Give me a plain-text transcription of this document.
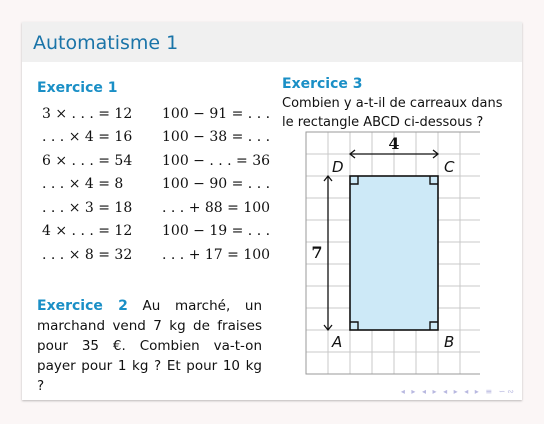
Automatisme 1
Exercice 1
3 × . . . = 12	100 − 91 = . . .
. . . × 4 = 16	100 − 38 = . . .
6 × . . . = 54	100 − . . . = 36
. . . × 4 = 8	100 − 90 = . . .
. . . × 3 = 18	. . . + 88 = 100
4 × . . . = 12	100 − 19 = . . .
. . . × 8 = 32	. . . + 17 = 100
Exercice 2 Au marché, un marchand vend 7 kg de fraises pour 35 €. Combien va-t-on payer pour 1 kg ? Et pour 10 kg ?
Exercice 3
Combien y a-t-il de carreaux dans le rectangle ABCD ci-dessous ?
4
7
D	C
A	B
◂ ▸ ◂ ▸ ◂ ▸ ◂ ▸ ≡ ∽∾
